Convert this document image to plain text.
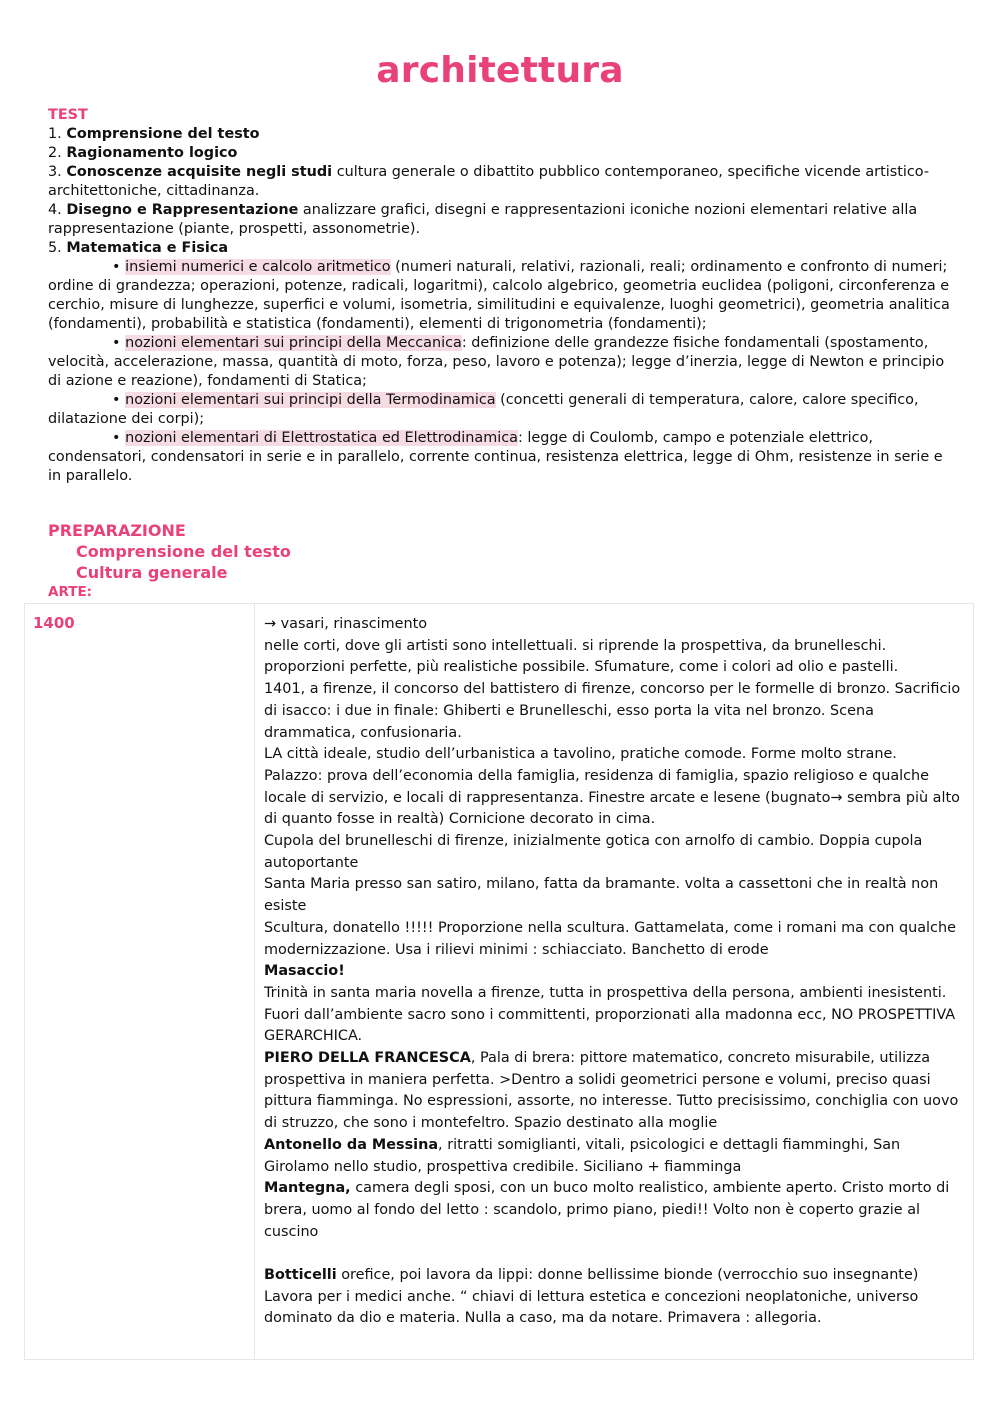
architettura
TEST
1. Comprensione del testo
2. Ragionamento logico
3. Conoscenze acquisite negli studi cultura generale o dibattito pubblico contemporaneo, specifiche vicende artistico-architettoniche, cittadinanza.
4. Disegno e Rappresentazione analizzare grafici, disegni e rappresentazioni iconiche nozioni elementari relative alla rappresentazione (piante, prospetti, assonometrie).
5. Matematica e Fisica
• insiemi numerici e calcolo aritmetico (numeri naturali, relativi, razionali, reali; ordinamento e confronto di numeri; ordine di grandezza; operazioni, potenze, radicali, logaritmi), calcolo algebrico, geometria euclidea (poligoni, circonferenza e cerchio, misure di lunghezze, superfici e volumi, isometria, similitudini e equivalenze, luoghi geometrici), geometria analitica (fondamenti), probabilità e statistica (fondamenti), elementi di trigonometria (fondamenti);
• nozioni elementari sui principi della Meccanica: definizione delle grandezze fisiche fondamentali (spostamento, velocità, accelerazione, massa, quantità di moto, forza, peso, lavoro e potenza); legge d’inerzia, legge di Newton e principio di azione e reazione), fondamenti di Statica;
• nozioni elementari sui principi della Termodinamica (concetti generali di temperatura, calore, calore specifico, dilatazione dei corpi);
• nozioni elementari di Elettrostatica ed Elettrodinamica: legge di Coulomb, campo e potenziale elettrico, condensatori, condensatori in serie e in parallelo, corrente continua, resistenza elettrica, legge di Ohm, resistenze in serie e in parallelo.
PREPARAZIONE
Comprensione del testo
Cultura generale
ARTE:
1400	→ vasari, rinascimento

nelle corti, dove gli artisti sono intellettuali. si riprende la prospettiva, da brunelleschi. proporzioni perfette, più realistiche possibile. Sfumature, come i colori ad olio e pastelli.

1401, a firenze, il concorso del battistero di firenze, concorso per le formelle di bronzo. Sacrificio di isacco: i due in finale: Ghiberti e Brunelleschi, esso porta la vita nel bronzo. Scena drammatica, confusionaria.

LA città ideale, studio dell’urbanistica a tavolino, pratiche comode. Forme molto strane.

Palazzo: prova dell’economia della famiglia, residenza di famiglia, spazio religioso e qualche locale di servizio, e locali di rappresentanza. Finestre arcate e lesene (bugnato→ sembra più alto di quanto fosse in realtà) Cornicione decorato in cima.

Cupola del brunelleschi di firenze, inizialmente gotica con arnolfo di cambio. Doppia cupola autoportante

Santa Maria presso san satiro, milano, fatta da bramante. volta a cassettoni che in realtà non esiste

Scultura, donatello !!!!! Proporzione nella scultura. Gattamelata, come i romani ma con qualche modernizzazione. Usa i rilievi minimi : schiacciato. Banchetto di erode

Masaccio!

Trinità in santa maria novella a firenze, tutta in prospettiva della persona, ambienti inesistenti. Fuori dall’ambiente sacro sono i committenti, proporzionati alla madonna ecc, NO PROSPETTIVA GERARCHICA.

PIERO DELLA FRANCESCA, Pala di brera: pittore matematico, concreto misurabile, utilizza prospettiva in maniera perfetta. >Dentro a solidi geometrici persone e volumi, preciso quasi pittura fiamminga. No espressioni, assorte, no interesse. Tutto precisissimo, conchiglia con uovo di struzzo, che sono i montefeltro. Spazio destinato alla moglie

Antonello da Messina, ritratti somiglianti, vitali, psicologici e dettagli fiamminghi, San Girolamo nello studio, prospettiva credibile. Siciliano + fiamminga

Mantegna, camera degli sposi, con un buco molto realistico, ambiente aperto. Cristo morto di brera, uomo al fondo del letto : scandolo, primo piano, piedi!! Volto non è coperto grazie al cuscino

Botticelli orefice, poi lavora da lippi: donne bellissime bionde (verrocchio suo insegnante) Lavora per i medici anche. “ chiavi di lettura estetica e concezioni neoplatoniche, universo dominato da dio e materia. Nulla a caso, ma da notare. Primavera : allegoria.
